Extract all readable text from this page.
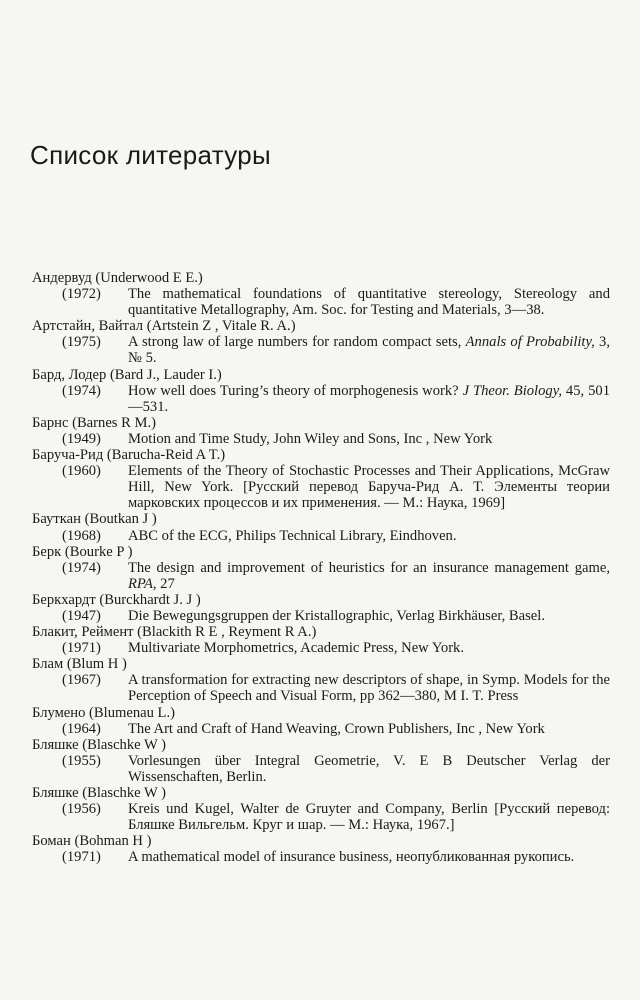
Список литературы

Андервуд (Underwood E E.)

(1972)	The mathematical foundations of quantitative stereology, Stereology and quantitative Metallography, Am. Soc. for Testing and Materials, 3—38.

Артстайн, Вайтал (Artstein Z , Vitale R. A.)

(1975)	A strong law of large numbers for random compact sets, Annals of Probability, 3, № 5.

Бард, Лодер (Bard J., Lauder I.)

(1974)	How well does Turing’s theory of morphogenesis work? J Theor. Biology, 45, 501—531.

Барнс (Barnes R M.)

(1949)	Motion and Time Study, John Wiley and Sons, Inc , New York

Баруча-Рид (Barucha-Reid A T.)

(1960)	Elements of the Theory of Stochastic Processes and Their Applications, McGraw Hill, New York. [Русский перевод Баруча-Рид А. Т. Элементы теории марковских процессов и их применения. — М.: Наука, 1969]

Бауткан (Boutkan J )

(1968)	ABC of the ECG, Philips Technical Library, Eindhoven.

Берк (Bourke P )

(1974)	The design and improvement of heuristics for an insurance management game, RPA, 27

Беркхардт (Burckhardt J. J )

(1947)	Die Bewegungsgruppen der Kristallographic, Verlag Birkhäuser, Basel.

Блакит, Реймент (Blackith R E , Reyment R A.)

(1971)	Multivariate Morphometrics, Academic Press, New York.

Блам (Blum H )

(1967)	A transformation for extracting new descriptors of shape, in Symp. Models for the Perception of Speech and Visual Form, pp 362—380, M I. T. Press

Блумено (Blumenau L.)

(1964)	The Art and Craft of Hand Weaving, Crown Publishers, Inc , New York

Бляшке (Blaschke W )

(1955)	Vorlesungen über Integral Geometrie, V. E B Deutscher Verlag der Wissenschaften, Berlin.

Бляшке (Blaschke W )

(1956)	Kreis und Kugel, Walter de Gruyter and Company, Berlin [Русский перевод: Бляшке Вильгельм. Круг и шар. — М.: Наука, 1967.]

Боман (Bohman H )

(1971)	A mathematical model of insurance business, неопубликованная рукопись.
